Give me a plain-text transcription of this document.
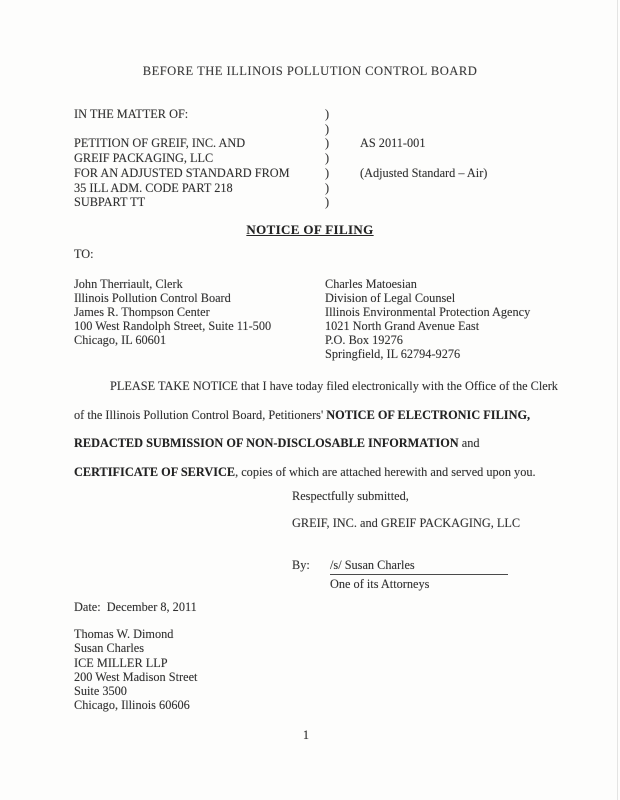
BEFORE THE ILLINOIS POLLUTION CONTROL BOARD
IN THE MATTER OF:	)
)
PETITION OF GREIF, INC. AND	)	AS 2011-001
GREIF PACKAGING, LLC	)
FOR AN ADJUSTED STANDARD FROM	)	(Adjusted Standard – Air)
35 ILL ADM. CODE PART 218	)
SUBPART TT	)
NOTICE OF FILING
TO:
John Therriault, Clerk
Illinois Pollution Control Board
James R. Thompson Center
100 West Randolph Street, Suite 11-500
Chicago, IL 60601
Charles Matoesian
Division of Legal Counsel
Illinois Environmental Protection Agency
1021 North Grand Avenue East
P.O. Box 19276
Springfield, IL 62794-9276
PLEASE TAKE NOTICE that I have today filed electronically with the Office of the Clerk of the Illinois Pollution Control Board, Petitioners' NOTICE OF ELECTRONIC FILING, REDACTED SUBMISSION OF NON-DISCLOSABLE INFORMATION and CERTIFICATE OF SERVICE, copies of which are attached herewith and served upon you.
Respectfully submitted,
GREIF, INC. and GREIF PACKAGING, LLC
By:	/s/ Susan Charles
One of its Attorneys
Date:  December 8, 2011
Thomas W. Dimond
Susan Charles
ICE MILLER LLP
200 West Madison Street
Suite 3500
Chicago, Illinois 60606
1
